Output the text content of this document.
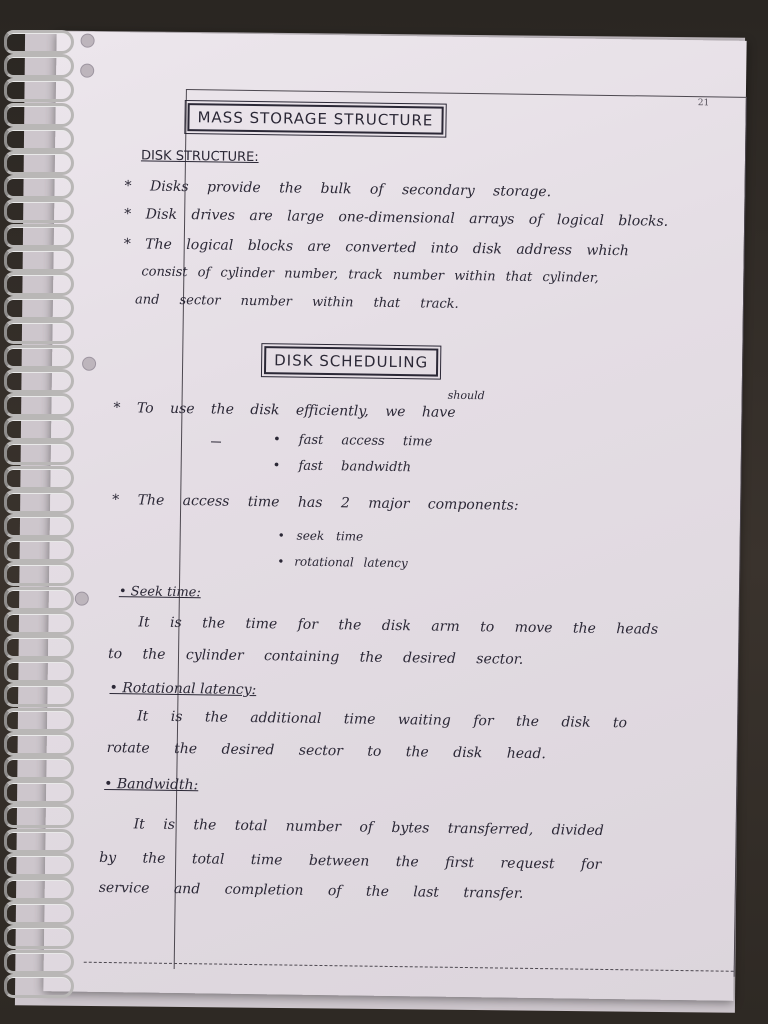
21
MASS STORAGE STRUCTURE
DISK STRUCTURE:
* Disks provide the bulk of secondary storage.
* Disk drives are large one-dimensional arrays of logical blocks.
* The logical blocks are converted into disk address which
consist of cylinder number, track number within that cylinder,
and sector number within that track.
DISK SCHEDULING
should
* To use the disk efficiently, we have
• fast access time
• fast bandwidth
* The access time has 2 major components:
• seek time
• rotational latency
• Seek time:
It is the time for the disk arm to move the heads
to the cylinder containing the desired sector.
• Rotational latency:
It is the additional time waiting for the disk to
rotate the desired sector to the disk head.
• Bandwidth:
It is the total number of bytes transferred, divided
by the total time between the first request for
service and completion of the last transfer.
